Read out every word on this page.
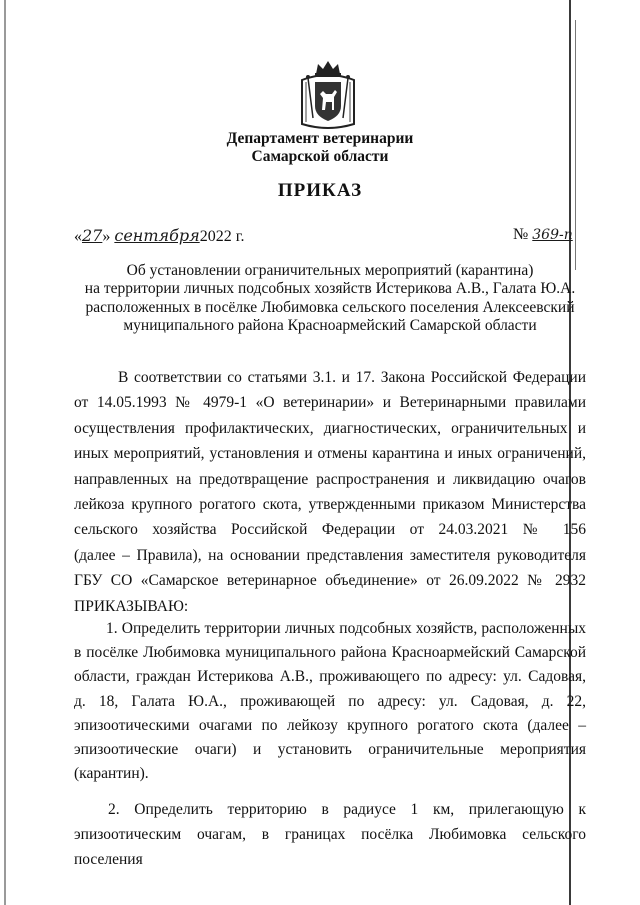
Департамент ветеринарии
Самарской области
ПРИКАЗ
«27» сентября2022 г.	№ 369-п
Об установлении ограничительных мероприятий (карантина)
на территории личных подсобных хозяйств Истерикова А.В., Галата Ю.А.
расположенных в посёлке Любимовка сельского поселения Алексеевский
муниципального района Красноармейский Самарской области
В соответствии со статьями 3.1. и 17. Закона Российской Федерации
от 14.05.1993 № 4979-1 «О ветеринарии» и Ветеринарными правилами
осуществления профилактических, диагностических, ограничительных и
иных мероприятий, установления и отмены карантина и иных ограничений,
направленных на предотвращение распространения и ликвидацию очагов
лейкоза крупного рогатого скота, утвержденными приказом Министерства
сельского хозяйства Российской Федерации от 24.03.2021 № 156
(далее – Правила), на основании представления заместителя руководителя
ГБУ СО «Самарское ветеринарное объединение» от 26.09.2022 № 2932
ПРИКАЗЫВАЮ:
1. Определить территории личных подсобных хозяйств, расположенных
в посёлке Любимовка муниципального района Красноармейский Самарской
области, граждан Истерикова А.В., проживающего по адресу: ул. Садовая,
д. 18, Галата Ю.А., проживающей по адресу: ул. Садовая, д. 22,
эпизоотическими очагами по лейкозу крупного рогатого скота (далее –
эпизоотические очаги) и установить ограничительные мероприятия
(карантин).
2. Определить территорию в радиусе 1 км, прилегающую к
эпизоотическим очагам, в границах посёлка Любимовка сельского поселения
